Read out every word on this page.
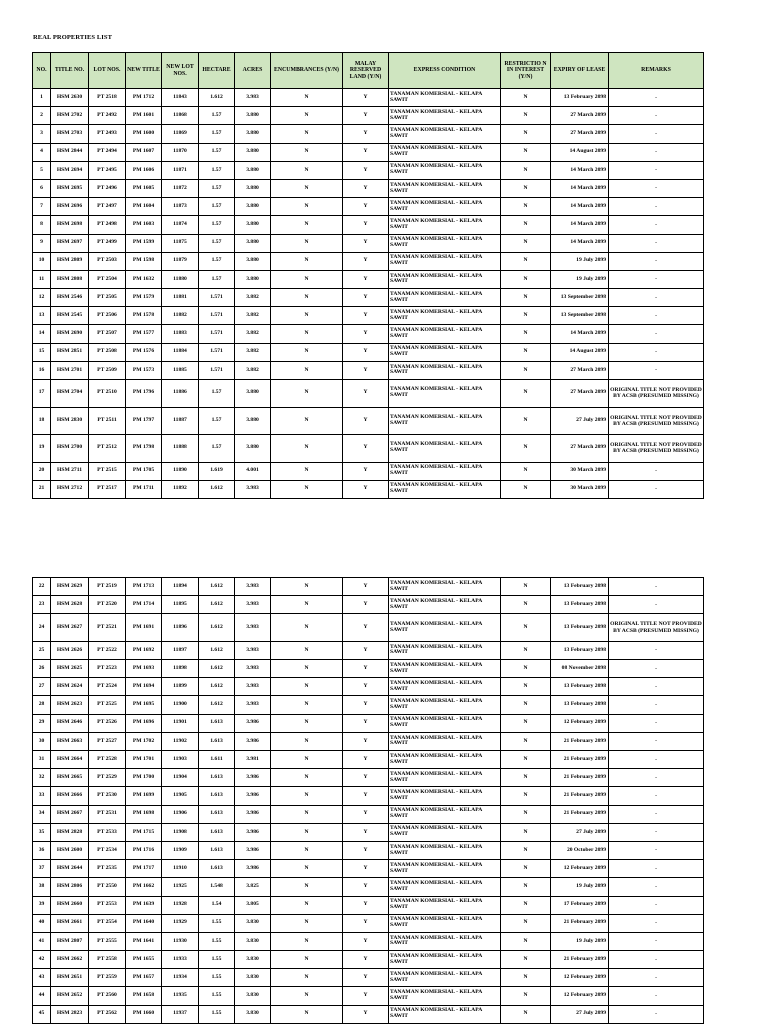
REAL PROPERTIES LIST
NO.	TITLE NO.	LOT NOS.	NEW TITLE	NEW LOT NOS.	HECTARE	ACRES	ENCUMBRANCES (Y/N)	MALAY RESERVED LAND (Y/N)	EXPRESS CONDITION	RESTRICTIO N IN INTEREST (Y/N)	EXPIRY OF LEASE	REMARKS
1	HSM 2630	PT 2518	PM 1712	11843	1.612	3.983	N	Y	TANAMAN KOMERSIAL - KELAPA SAWIT	N	13 February 2098	-
2	HSM 2702	PT 2492	PM 1601	11868	1.57	3.880	N	Y	TANAMAN KOMERSIAL - KELAPA SAWIT	N	27 March 2099	-
3	HSM 2703	PT 2493	PM 1600	11869	1.57	3.880	N	Y	TANAMAN KOMERSIAL - KELAPA SAWIT	N	27 March 2099	-
4	HSM 2844	PT 2494	PM 1607	11870	1.57	3.880	N	Y	TANAMAN KOMERSIAL - KELAPA SAWIT	N	14 August 2099	-
5	HSM 2694	PT 2495	PM 1606	11871	1.57	3.880	N	Y	TANAMAN KOMERSIAL - KELAPA SAWIT	N	14 March 2099	-
6	HSM 2695	PT 2496	PM 1605	11872	1.57	3.880	N	Y	TANAMAN KOMERSIAL - KELAPA SAWIT	N	14 March 2099	-
7	HSM 2696	PT 2497	PM 1604	11873	1.57	3.880	N	Y	TANAMAN KOMERSIAL - KELAPA SAWIT	N	14 March 2099	-
8	HSM 2698	PT 2498	PM 1603	11874	1.57	3.880	N	Y	TANAMAN KOMERSIAL - KELAPA SAWIT	N	14 March 2099	-
9	HSM 2697	PT 2499	PM 1599	11875	1.57	3.880	N	Y	TANAMAN KOMERSIAL - KELAPA SAWIT	N	14 March 2099	-
10	HSM 2809	PT 2503	PM 1598	11879	1.57	3.880	N	Y	TANAMAN KOMERSIAL - KELAPA SAWIT	N	19 July 2099	-
11	HSM 2808	PT 2504	PM 1632	11880	1.57	3.880	N	Y	TANAMAN KOMERSIAL - KELAPA SAWIT	N	19 July 2099	-
12	HSM 2546	PT 2505	PM 1579	11881	1.571	3.882	N	Y	TANAMAN KOMERSIAL - KELAPA SAWIT	N	13 September 2098	-
13	HSM 2545	PT 2506	PM 1578	11882	1.571	3.882	N	Y	TANAMAN KOMERSIAL - KELAPA SAWIT	N	13 September 2098	-
14	HSM 2690	PT 2507	PM 1577	11883	1.571	3.882	N	Y	TANAMAN KOMERSIAL - KELAPA SAWIT	N	14 March 2099	-
15	HSM 2851	PT 2508	PM 1576	11884	1.571	3.882	N	Y	TANAMAN KOMERSIAL - KELAPA SAWIT	N	14 August 2099	-
16	HSM 2701	PT 2509	PM 1573	11885	1.571	3.882	N	Y	TANAMAN KOMERSIAL - KELAPA SAWIT	N	27 March 2099	-
17	HSM 2704	PT 2510	PM 1796	11886	1.57	3.880	N	Y	TANAMAN KOMERSIAL - KELAPA SAWIT	N	27 March 2099	ORIGINAL TITLE NOT PROVIDED BY ACSB (PRESUMED MISSING)
18	HSM 2830	PT 2511	PM 1797	11887	1.57	3.880	N	Y	TANAMAN KOMERSIAL - KELAPA SAWIT	N	27 July 2099	ORIGINAL TITLE NOT PROVIDED BY ACSB (PRESUMED MISSING)
19	HSM 2700	PT 2512	PM 1798	11888	1.57	3.880	N	Y	TANAMAN KOMERSIAL - KELAPA SAWIT	N	27 March 2099	ORIGINAL TITLE NOT PROVIDED BY ACSB (PRESUMED MISSING)
20	HSM 2711	PT 2515	PM 1705	11890	1.619	4.001	N	Y	TANAMAN KOMERSIAL - KELAPA SAWIT	N	30 March 2099	-
21	HSM 2712	PT 2517	PM 1711	11892	1.612	3.983	N	Y	TANAMAN KOMERSIAL - KELAPA SAWIT	N	30 March 2099	-
22	HSM 2629	PT 2519	PM 1713	11894	1.612	3.983	N	Y	TANAMAN KOMERSIAL - KELAPA SAWIT	N	13 February 2098	-
23	HSM 2628	PT 2520	PM 1714	11895	1.612	3.983	N	Y	TANAMAN KOMERSIAL - KELAPA SAWIT	N	13 February 2098	-
24	HSM 2627	PT 2521	PM 1691	11896	1.612	3.983	N	Y	TANAMAN KOMERSIAL - KELAPA SAWIT	N	13 February 2098	ORIGINAL TITLE NOT PROVIDED BY ACSB (PRESUMED MISSING)
25	HSM 2626	PT 2522	PM 1692	11897	1.612	3.983	N	Y	TANAMAN KOMERSIAL - KELAPA SAWIT	N	13 February 2098	-
26	HSM 2625	PT 2523	PM 1693	11898	1.612	3.983	N	Y	TANAMAN KOMERSIAL - KELAPA SAWIT	N	08 November 2098	-
27	HSM 2624	PT 2524	PM 1694	11899	1.612	3.983	N	Y	TANAMAN KOMERSIAL - KELAPA SAWIT	N	13 February 2098	-
28	HSM 2623	PT 2525	PM 1695	11900	1.612	3.983	N	Y	TANAMAN KOMERSIAL - KELAPA SAWIT	N	13 February 2098	-
29	HSM 2646	PT 2526	PM 1696	11901	1.613	3.986	N	Y	TANAMAN KOMERSIAL - KELAPA SAWIT	N	12 February 2099	-
30	HSM 2663	PT 2527	PM 1702	11902	1.613	3.986	N	Y	TANAMAN KOMERSIAL - KELAPA SAWIT	N	21 February 2099	-
31	HSM 2664	PT 2528	PM 1701	11903	1.611	3.981	N	Y	TANAMAN KOMERSIAL - KELAPA SAWIT	N	21 February 2099	-
32	HSM 2665	PT 2529	PM 1700	11904	1.613	3.986	N	Y	TANAMAN KOMERSIAL - KELAPA SAWIT	N	21 February 2099	-
33	HSM 2666	PT 2530	PM 1699	11905	1.613	3.986	N	Y	TANAMAN KOMERSIAL - KELAPA SAWIT	N	21 February 2099	-
34	HSM 2667	PT 2531	PM 1698	11906	1.613	3.986	N	Y	TANAMAN KOMERSIAL - KELAPA SAWIT	N	21 February 2099	-
35	HSM 2828	PT 2533	PM 1715	11908	1.613	3.986	N	Y	TANAMAN KOMERSIAL - KELAPA SAWIT	N	27 July 2099	-
36	HSM 2600	PT 2534	PM 1716	11909	1.613	3.986	N	Y	TANAMAN KOMERSIAL - KELAPA SAWIT	N	20 October 2099	-
37	HSM 2644	PT 2535	PM 1717	11910	1.613	3.986	N	Y	TANAMAN KOMERSIAL - KELAPA SAWIT	N	12 February 2099	-
38	HSM 2806	PT 2550	PM 1662	11925	1.548	3.825	N	Y	TANAMAN KOMERSIAL - KELAPA SAWIT	N	19 July 2099	-
39	HSM 2660	PT 2553	PM 1639	11928	1.54	3.805	N	Y	TANAMAN KOMERSIAL - KELAPA SAWIT	N	17 February 2099	-
40	HSM 2661	PT 2554	PM 1640	11929	1.55	3.830	N	Y	TANAMAN KOMERSIAL - KELAPA SAWIT	N	21 February 2099	-
41	HSM 2807	PT 2555	PM 1641	11930	1.55	3.830	N	Y	TANAMAN KOMERSIAL - KELAPA SAWIT	N	19 July 2099	-
42	HSM 2662	PT 2558	PM 1655	11933	1.55	3.830	N	Y	TANAMAN KOMERSIAL - KELAPA SAWIT	N	21 February 2099	-
43	HSM 2651	PT 2559	PM 1657	11934	1.55	3.830	N	Y	TANAMAN KOMERSIAL - KELAPA SAWIT	N	12 February 2099	-
44	HSM 2652	PT 2560	PM 1658	11935	1.55	3.830	N	Y	TANAMAN KOMERSIAL - KELAPA SAWIT	N	12 February 2099	-
45	HSM 2823	PT 2562	PM 1660	11937	1.55	3.830	N	Y	TANAMAN KOMERSIAL - KELAPA SAWIT	N	27 July 2099	-
